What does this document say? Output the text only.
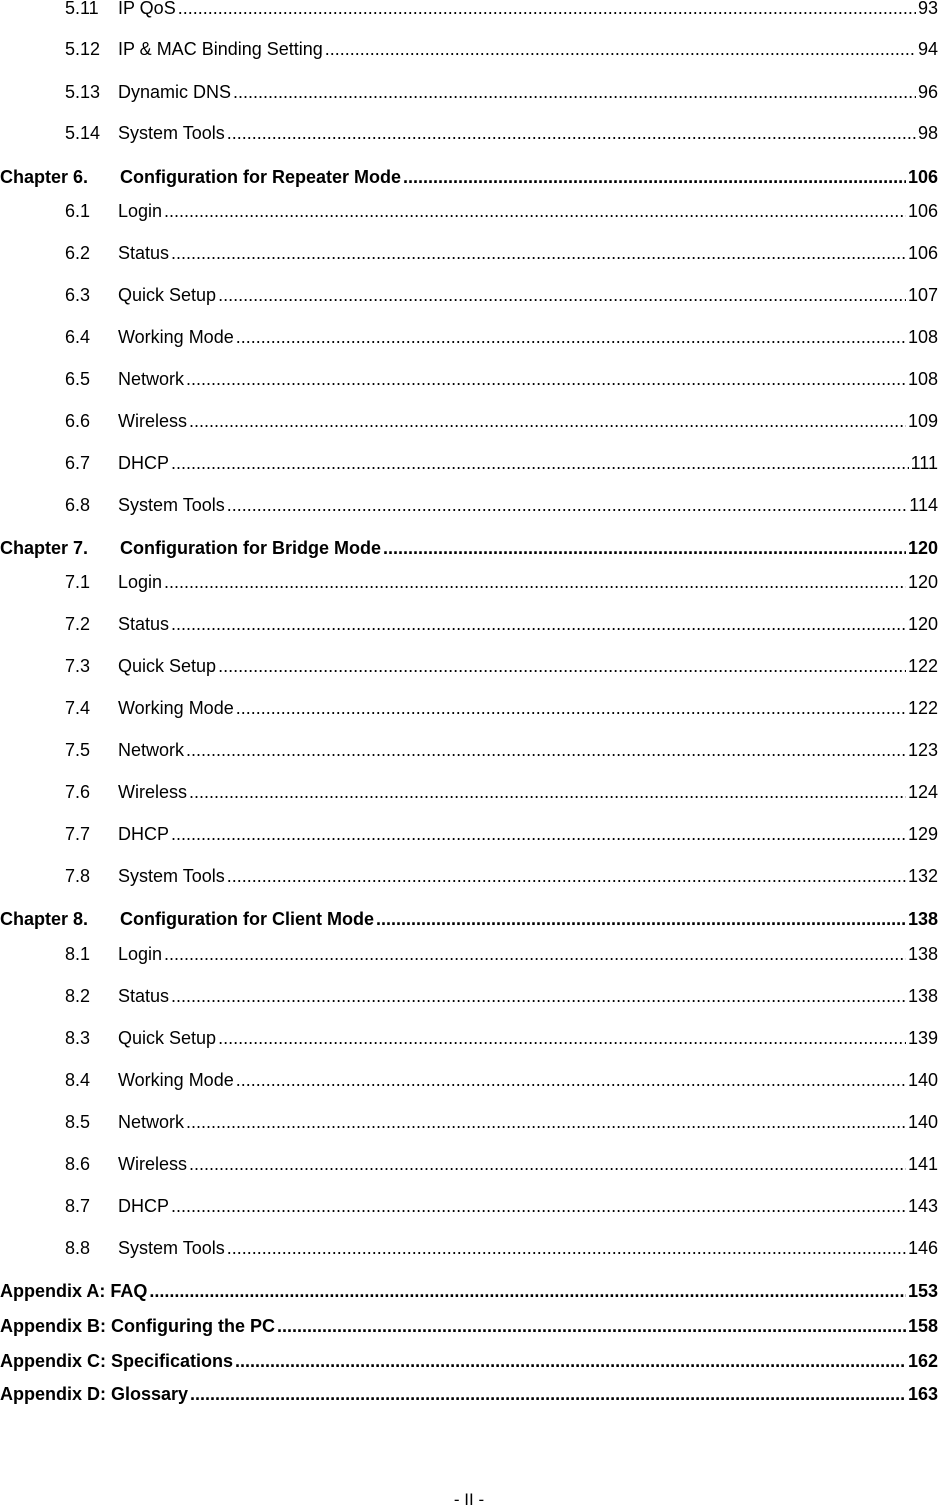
5.11	IP QoS .....	93
5.12 IP & MAC Binding Setting .....	94
5.13 Dynamic DNS .....	96
5.14 System Tools .....	98
Chapter 6.	Configuration for Repeater Mode .....	106
6.1	Login .....	106
6.2	Status .....	106
6.3	Quick Setup .....	107
6.4	Working Mode .....	108
6.5	Network .....	108
6.6	Wireless .....	109
6.7	DHCP .....	111
6.8	System Tools .....	114
Chapter 7.	Configuration for Bridge Mode .....	120
7.1	Login .....	120
7.2	Status .....	120
7.3	Quick Setup .....	122
7.4	Working Mode .....	122
7.5	Network .....	123
7.6	Wireless .....	124
7.7	DHCP .....	129
7.8	System Tools .....	132
Chapter 8.	Configuration for Client Mode .....	138
8.1	Login .....	138
8.2	Status .....	138
8.3	Quick Setup .....	139
8.4	Working Mode .....	140
8.5	Network .....	140
8.6	Wireless .....	141
8.7	DHCP .....	143
8.8	System Tools .....	146
Appendix A: FAQ .....	153
Appendix B: Configuring the PC .....	158
Appendix C: Specifications .....	162
Appendix D: Glossary .....	163
- II -
